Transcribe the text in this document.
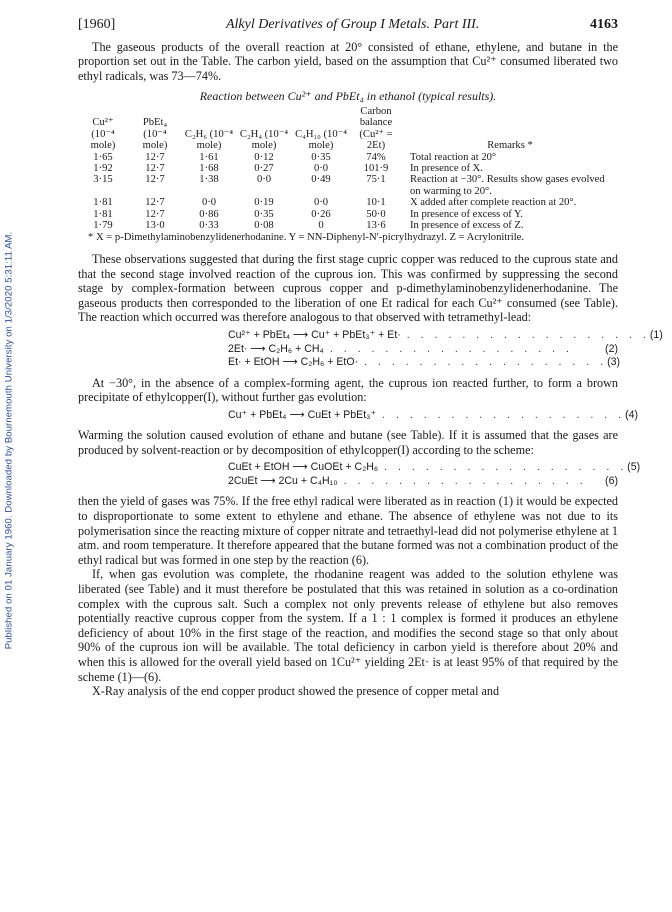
Published on 01 January 1960. Downloaded by Bournemouth University on 1/3/2020 5:31:11 AM.
[1960]	Alkyl Derivatives of Group I Metals. Part III.	4163

The gaseous products of the overall reaction at 20° consisted of ethane, ethylene, and butane in the proportion set out in the Table. The carbon yield, based on the assumption that Cu²⁺ consumed liberated two ethyl radicals, was 73—74%.

Reaction between Cu²⁺ and PbEt₄ in ethanol (typical results).
Cu²⁺ (10⁻⁴ mole)	PbEt₄ (10⁻⁴ mole)	C₂H₆ (10⁻⁴ mole)	C₂H₄ (10⁻⁴ mole)	C₄H₁₀ (10⁻⁴ mole)	Carbon balance (Cu²⁺ = 2Et)	Remarks *
1·65	12·7	1·61	0·12	0·35	74%	Total reaction at 20°
1·92	12·7	1·68	0·27	0·0	101·9	In presence of X.
3·15	12·7	1·38	0·0	0·49	75·1	Reaction at −30°. Results show gases evolved on warming to 20°.
1·81	12·7	0·0	0·19	0·0	10·1	X added after complete reaction at 20°.
1·81	12·7	0·86	0·35	0·26	50·0	In presence of excess of Y.
1·79	13·0	0·33	0·08	0	13·6	In presence of excess of Z.
* X = p-Dimethylaminobenzylidenerhodanine. Y = NN-Diphenyl-N′-picrylhydrazyl. Z = Acrylonitrile.

These observations suggested that during the first stage cupric copper was reduced to the cuprous state and that the second stage involved reaction of the cuprous ion. This was confirmed by suppressing the second stage by complex-formation between cuprous copper and p-dimethylaminobenzylidenerhodanine. The gaseous products then corresponded to the liberation of one Et radical for each Cu²⁺ consumed (see Table). The reaction which occurred was therefore analogous to that observed with tetramethyl-lead:

Cu²⁺ + PbEt₄ ⟶ Cu⁺ + PbEt₃⁺ + Et· . . . . . . . . . . . . . . . . . . (1)
2Et· ⟶ C₂H₆ + CH₄ . . . . . . . . . . . . . . . . . .	(2)
Et· + EtOH ⟶ C₂H₆ + EtO· . . . . . . . . . . . . . . . . . . (3)

At −30°, in the absence of a complex-forming agent, the cuprous ion reacted further, to form a brown precipitate of ethylcopper(I), without further gas evolution:

Cu⁺ + PbEt₄ ⟶ CuEt + PbEt₃⁺ . . . . . . . . . . . . . . . . . . (4)

Warming the solution caused evolution of ethane and butane (see Table). If it is assumed that the gases are produced by solvent-reaction or by decomposition of ethylcopper(I) according to the scheme:

CuEt + EtOH ⟶ CuOEt + C₂H₆ . . . . . . . . . . . . . . . . . . (5)
2CuEt ⟶ 2Cu + C₄H₁₀ . . . . . . . . . . . . . . . . . .	(6)

then the yield of gases was 75%. If the free ethyl radical were liberated as in reaction (1) it would be expected to disproportionate to some extent to ethylene and ethane. The absence of ethylene was not due to its polymerisation since the reacting mixture of copper nitrate and tetraethyl-lead did not polymerise ethylene at 1 atm. and room temperature. It therefore appeared that the butane formed was not a combination product of the ethyl radical but was formed in one step by the reaction (6).

If, when gas evolution was complete, the rhodanine reagent was added to the solution ethylene was liberated (see Table) and it must therefore be postulated that this was retained in solution as a co-ordination complex with the cuprous salt. Such a complex not only prevents release of ethylene but also removes potentially reactive cuprous copper from the system. If a 1 : 1 complex is formed it produces an ethylene deficiency of about 10% in the first stage of the reaction, and modifies the second stage so that only about 90% of the cuprous ion will be available. The total deficiency in carbon yield is therefore about 20% and when this is allowed for the overall yield based on 1Cu²⁺ yielding 2Et· is at least 95% of that required by the scheme (1)—(6).

X-Ray analysis of the end copper product showed the presence of copper metal and
